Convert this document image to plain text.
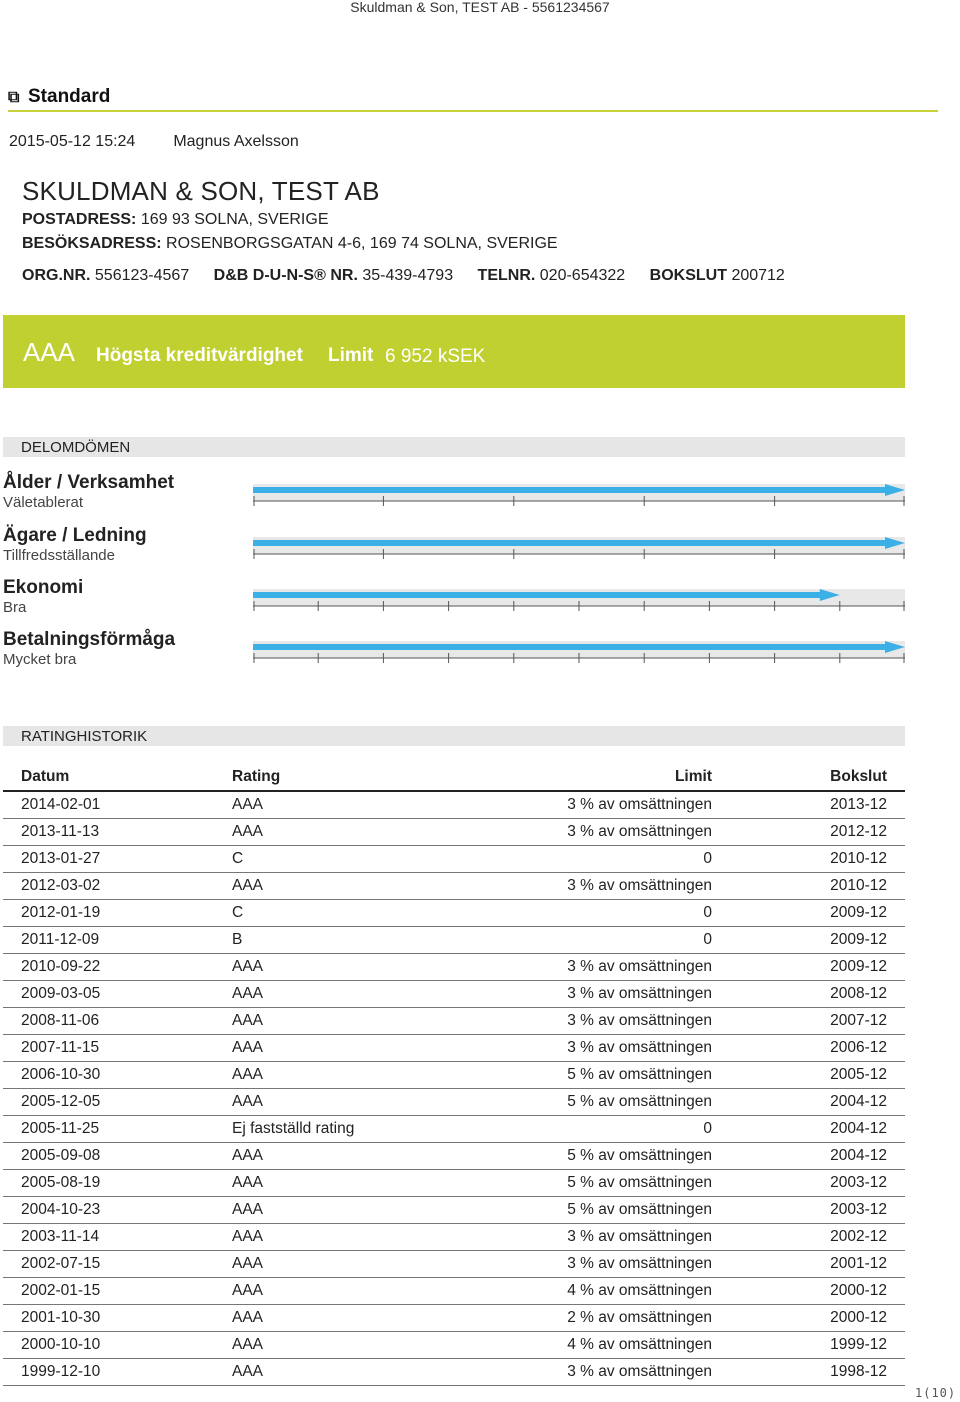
Skuldman & Son, TEST AB - 5561234567
⧉ Standard
2015-05-12 15:24 Magnus Axelsson
SKULDMAN & SON, TEST AB
POSTADRESS: 169 93 SOLNA, SVERIGE
BESÖKSADRESS: ROSENBORGSGATAN 4-6, 169 74 SOLNA, SVERIGE
ORG.NR. 556123-4567 D&B D-U-N-S® NR. 35-439-4793 TELNR. 020-654322 BOKSLUT 200712
AAA Högsta kreditvärdighet Limit 6 952 kSEK
DELOMDÖMEN
Ålder / Verksamhet
Väletablerat
Ägare / Ledning
Tillfredsställande
Ekonomi
Bra
Betalningsförmåga
Mycket bra
RATINGHISTORIK
Datum	Rating	Limit	Bokslut
2014-02-01	AAA	3 % av omsättningen	2013-12
2013-11-13	AAA	3 % av omsättningen	2012-12
2013-01-27	C	0	2010-12
2012-03-02	AAA	3 % av omsättningen	2010-12
2012-01-19	C	0	2009-12
2011-12-09	B	0	2009-12
2010-09-22	AAA	3 % av omsättningen	2009-12
2009-03-05	AAA	3 % av omsättningen	2008-12
2008-11-06	AAA	3 % av omsättningen	2007-12
2007-11-15	AAA	3 % av omsättningen	2006-12
2006-10-30	AAA	5 % av omsättningen	2005-12
2005-12-05	AAA	5 % av omsättningen	2004-12
2005-11-25	Ej fastställd rating	0	2004-12
2005-09-08	AAA	5 % av omsättningen	2004-12
2005-08-19	AAA	5 % av omsättningen	2003-12
2004-10-23	AAA	5 % av omsättningen	2003-12
2003-11-14	AAA	3 % av omsättningen	2002-12
2002-07-15	AAA	3 % av omsättningen	2001-12
2002-01-15	AAA	4 % av omsättningen	2000-12
2001-10-30	AAA	2 % av omsättningen	2000-12
2000-10-10	AAA	4 % av omsättningen	1999-12
1999-12-10	AAA	3 % av omsättningen	1998-12
1(10)
